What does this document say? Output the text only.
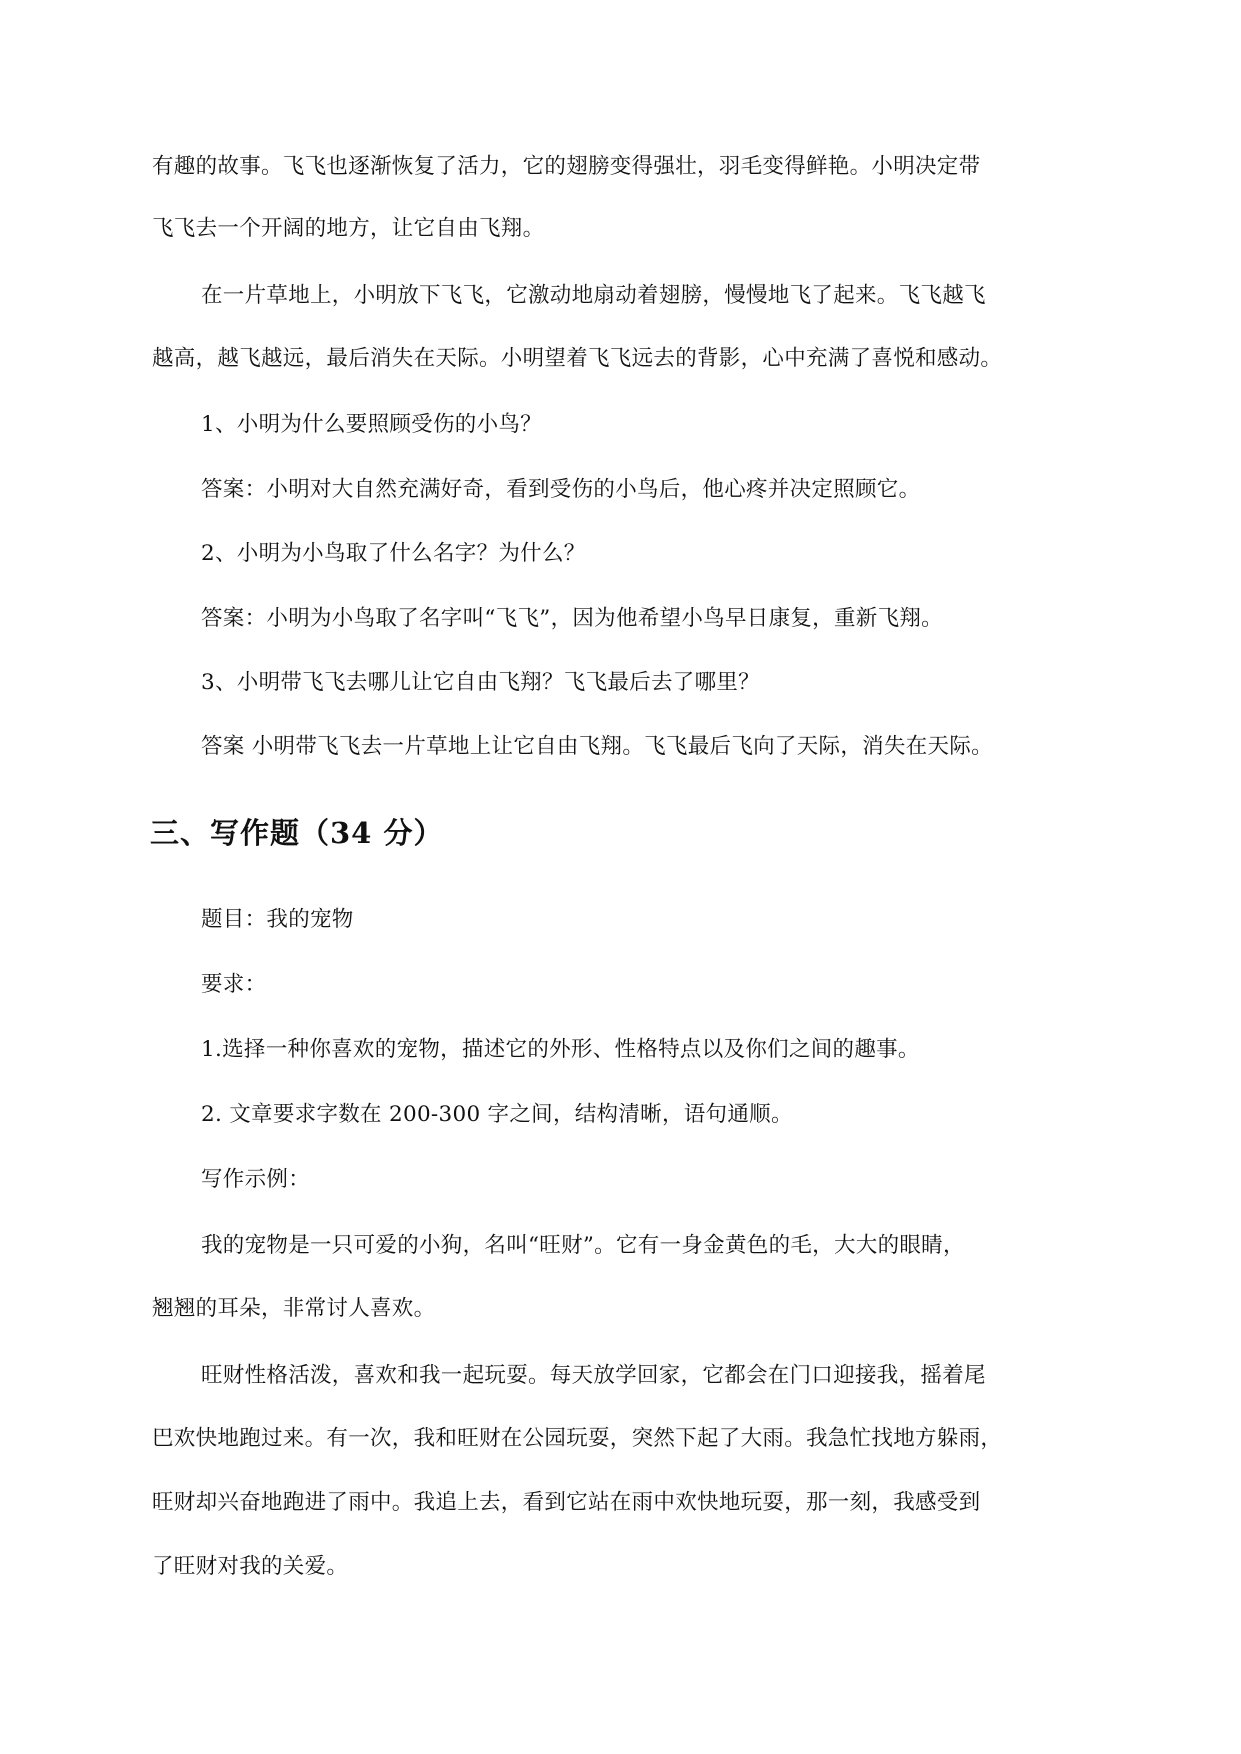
有趣的故事。飞飞也逐渐恢复了活力，它的翅膀变得强壮，羽毛变得鲜艳。小明决定带
飞飞去一个开阔的地方，让它自由飞翔。
在一片草地上，小明放下飞飞，它激动地扇动着翅膀，慢慢地飞了起来。飞飞越飞
越高，越飞越远，最后消失在天际。小明望着飞飞远去的背影，心中充满了喜悦和感动。
1、小明为什么要照顾受伤的小鸟？
答案：小明对大自然充满好奇，看到受伤的小鸟后，他心疼并决定照顾它。
2、小明为小鸟取了什么名字？为什么？
答案：小明为小鸟取了名字叫“飞飞”，因为他希望小鸟早日康复，重新飞翔。
3、小明带飞飞去哪儿让它自由飞翔？飞飞最后去了哪里？
答案 小明带飞飞去一片草地上让它自由飞翔。飞飞最后飞向了天际，消失在天际。
三、写作题（34 分）
题目：我的宠物
要求：
1.选择一种你喜欢的宠物，描述它的外形、性格特点以及你们之间的趣事。
2. 文章要求字数在 200-300 字之间，结构清晰，语句通顺。
写作示例：
我的宠物是一只可爱的小狗，名叫“旺财”。它有一身金黄色的毛，大大的眼睛，
翘翘的耳朵，非常讨人喜欢。
旺财性格活泼，喜欢和我一起玩耍。每天放学回家，它都会在门口迎接我，摇着尾
巴欢快地跑过来。有一次，我和旺财在公园玩耍，突然下起了大雨。我急忙找地方躲雨，
旺财却兴奋地跑进了雨中。我追上去，看到它站在雨中欢快地玩耍，那一刻，我感受到
了旺财对我的关爱。
